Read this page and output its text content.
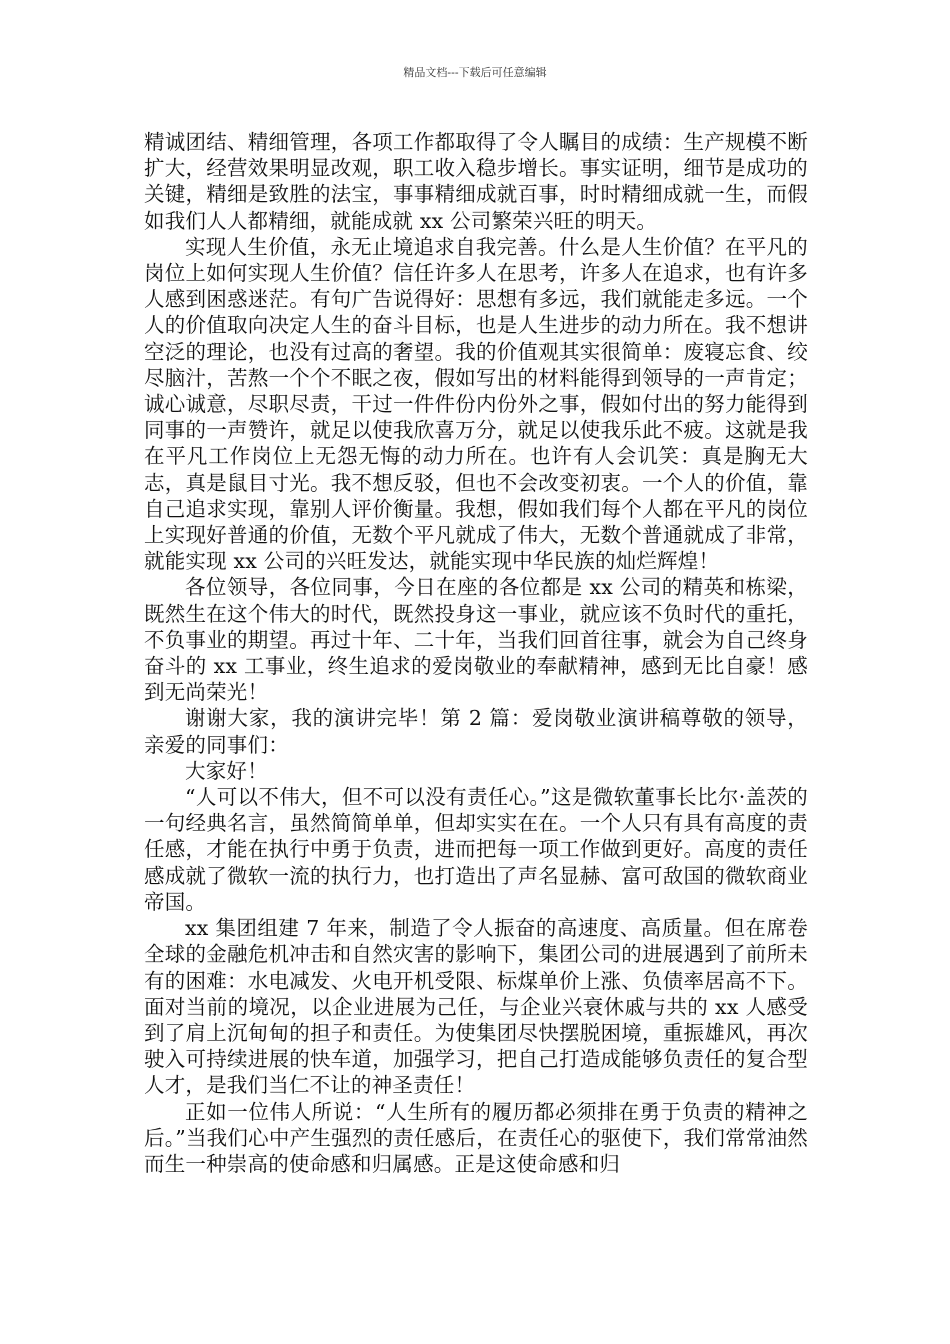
精品文档---下载后可任意编辑

精诚团结、精细管理，各项工作都取得了令人瞩目的成绩：生产规模不断扩大，经营效果明显改观，职工收入稳步增长。事实证明，细节是成功的关键，精细是致胜的法宝，事事精细成就百事，时时精细成就一生，而假如我们人人都精细，就能成就 xx 公司繁荣兴旺的明天。

实现人生价值，永无止境追求自我完善。什么是人生价值？在平凡的岗位上如何实现人生价值？信任许多人在思考，许多人在追求，也有许多人感到困惑迷茫。有句广告说得好：思想有多远，我们就能走多远。一个人的价值取向决定人生的奋斗目标，也是人生进步的动力所在。我不想讲空泛的理论，也没有过高的奢望。我的价值观其实很简单：废寝忘食、绞尽脑汁，苦熬一个个不眠之夜，假如写出的材料能得到领导的一声肯定；诚心诚意，尽职尽责，干过一件件份内份外之事，假如付出的努力能得到同事的一声赞许，就足以使我欣喜万分，就足以使我乐此不疲。这就是我在平凡工作岗位上无怨无悔的动力所在。也许有人会讥笑：真是胸无大志，真是鼠目寸光。我不想反驳，但也不会改变初衷。一个人的价值，靠自己追求实现，靠别人评价衡量。我想，假如我们每个人都在平凡的岗位上实现好普通的价值，无数个平凡就成了伟大，无数个普通就成了非常，就能实现 xx 公司的兴旺发达，就能实现中华民族的灿烂辉煌！

各位领导，各位同事，今日在座的各位都是 xx 公司的精英和栋梁，既然生在这个伟大的时代，既然投身这一事业，就应该不负时代的重托，不负事业的期望。再过十年、二十年，当我们回首往事，就会为自己终身奋斗的 xx 工事业，终生追求的爱岗敬业的奉献精神，感到无比自豪！感到无尚荣光！

谢谢大家，我的演讲完毕！第 2 篇：爱岗敬业演讲稿尊敬的领导，亲爱的同事们：

大家好！

“人可以不伟大，但不可以没有责任心。”这是微软董事长比尔·盖茨的一句经典名言，虽然简简单单，但却实实在在。一个人只有具有高度的责任感，才能在执行中勇于负责，进而把每一项工作做到更好。高度的责任感成就了微软一流的执行力，也打造出了声名显赫、富可敌国的微软商业帝国。

xx 集团组建 7 年来，制造了令人振奋的高速度、高质量。但在席卷全球的金融危机冲击和自然灾害的影响下，集团公司的进展遇到了前所未有的困难：水电减发、火电开机受限、标煤单价上涨、负债率居高不下。面对当前的境况，以企业进展为己任，与企业兴衰休戚与共的 xx 人感受到了肩上沉甸甸的担子和责任。为使集团尽快摆脱困境，重振雄风，再次驶入可持续进展的快车道，加强学习，把自己打造成能够负责任的复合型人才，是我们当仁不让的神圣责任！

正如一位伟人所说：“人生所有的履历都必须排在勇于负责的精神之后。”当我们心中产生强烈的责任感后，在责任心的驱使下，我们常常油然而生一种崇高的使命感和归属感。正是这使命感和归
